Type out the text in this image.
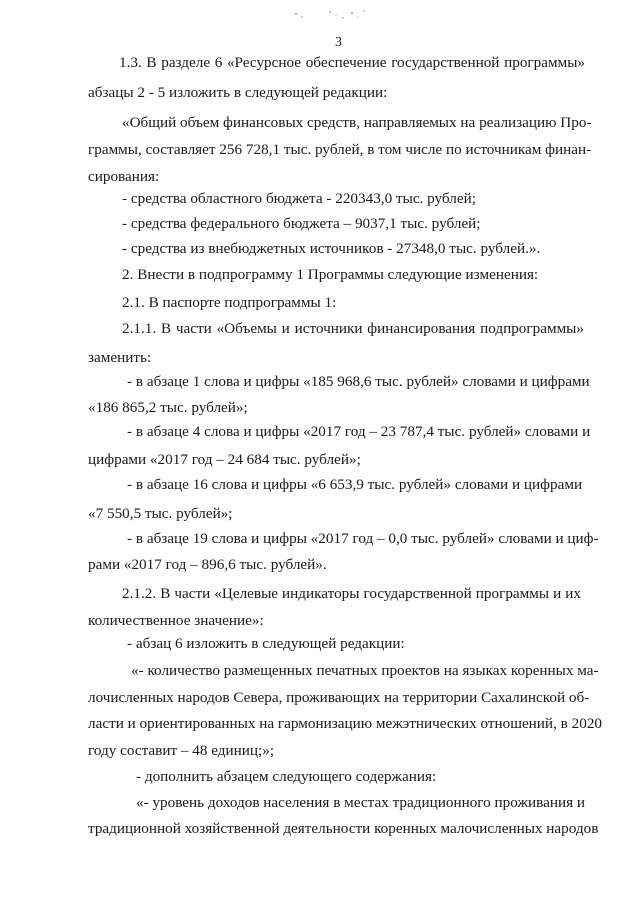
3
1.3. В разделе 6 «Ресурсное обеспечение государственной программы»
абзацы 2 - 5 изложить в следующей редакции:
«Общий объем финансовых средств, направляемых на реализацию Про-
граммы, составляет 256 728,1 тыс. рублей, в том числе по источникам финан-
сирования:
- средства областного бюджета - 220343,0 тыс. рублей;
- средства федерального бюджета – 9037,1 тыс. рублей;
- средства из внебюджетных источников - 27348,0 тыс. рублей.».
2. Внести в подпрограмму 1 Программы следующие изменения:
2.1. В паспорте подпрограммы 1:
2.1.1. В части «Объемы и источники финансирования подпрограммы»
заменить:
- в абзаце 1 слова и цифры «185 968,6 тыс. рублей» словами и цифрами
«186 865,2 тыс. рублей»;
- в абзаце 4 слова и цифры «2017 год – 23 787,4 тыс. рублей» словами и
цифрами «2017 год – 24 684 тыс. рублей»;
- в абзаце 16 слова и цифры «6 653,9 тыс. рублей» словами и цифрами
«7 550,5 тыс. рублей»;
- в абзаце 19 слова и цифры «2017 год – 0,0 тыс. рублей» словами и циф-
рами «2017 год – 896,6 тыс. рублей».
2.1.2. В части «Целевые индикаторы государственной программы и их
количественное значение»:
- абзац 6 изложить в следующей редакции:
«- количество размещенных печатных проектов на языках коренных ма-
лочисленных народов Севера, проживающих на территории Сахалинской об-
ласти и ориентированных на гармонизацию межэтнических отношений, в 2020
году составит – 48 единиц;»;
- дополнить абзацем следующего содержания:
«- уровень доходов населения в местах традиционного проживания и
традиционной хозяйственной деятельности коренных малочисленных народов
